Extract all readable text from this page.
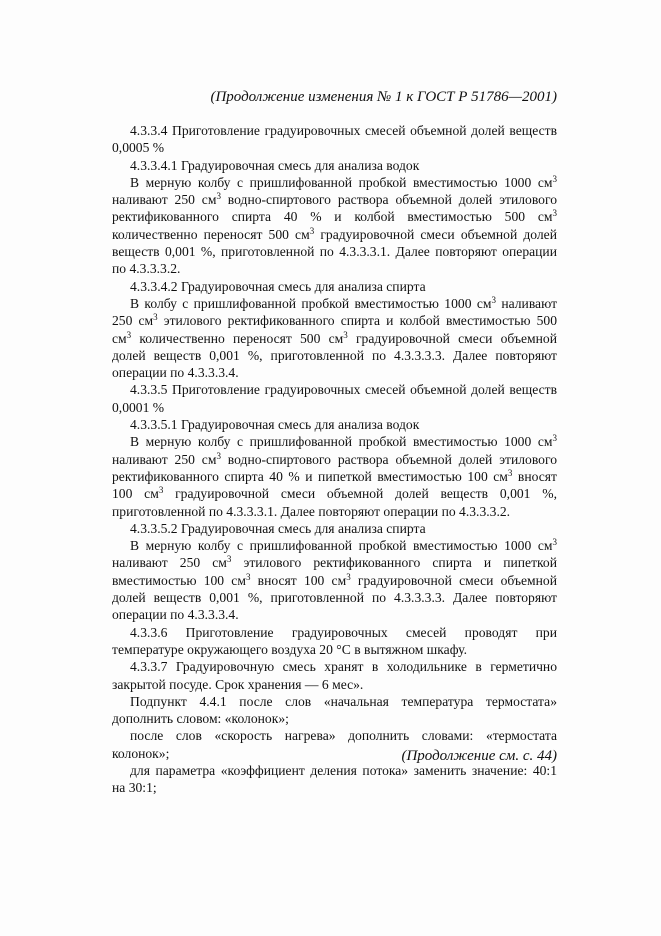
(Продолжение изменения № 1 к ГОСТ Р 51786—2001)

4.3.3.4 Приготовление градуировочных смесей объемной долей веществ 0,0005 %

4.3.3.4.1 Градуировочная смесь для анализа водок

В мерную колбу с пришлифованной пробкой вместимостью 1000 $см^3$ наливают 250 $см^3$ водно-спиртового раствора объемной долей этилового ректификованного спирта 40 % и колбой вместимостью 500 $см^3$ количественно переносят 500 $см^3$ градуировочной смеси объемной долей веществ 0,001 %, приготовленной по 4.3.3.3.1. Далее повторяют операции по 4.3.3.3.2.

4.3.3.4.2 Градуировочная смесь для анализа спирта

В колбу с пришлифованной пробкой вместимостью 1000 $см^3$ наливают 250 $см^3$ этилового ректификованного спирта и колбой вместимостью 500 $см^3$ количественно переносят 500 $см^3$ градуировочной смеси объемной долей веществ 0,001 %, приготовленной по 4.3.3.3.3. Далее повторяют операции по 4.3.3.3.4.

4.3.3.5 Приготовление градуировочных смесей объемной долей веществ 0,0001 %

4.3.3.5.1 Градуировочная смесь для анализа водок

В мерную колбу с пришлифованной пробкой вместимостью 1000 $см^3$ наливают 250 $см^3$ водно-спиртового раствора объемной долей этилового ректификованного спирта 40 % и пипеткой вместимостью 100 $см^3$ вносят 100 $см^3$ градуировочной смеси объемной долей веществ 0,001 %, приготовленной по 4.3.3.3.1. Далее повторяют операции по 4.3.3.3.2.

4.3.3.5.2 Градуировочная смесь для анализа спирта

В мерную колбу с пришлифованной пробкой вместимостью 1000 $см^3$ наливают 250 $см^3$ этилового ректификованного спирта и пипеткой вместимостью 100 $см^3$ вносят 100 $см^3$ градуировочной смеси объемной долей веществ 0,001 %, приготовленной по 4.3.3.3.3. Далее повторяют операции по 4.3.3.3.4.

4.3.3.6 Приготовление градуировочных смесей проводят при температуре окружающего воздуха 20 °С в вытяжном шкафу.

4.3.3.7 Градуировочную смесь хранят в холодильнике в герметично закрытой посуде. Срок хранения — 6 мес».

Подпункт 4.4.1 после слов «начальная температура термостата» дополнить словом: «колонок»;

после слов «скорость нагрева» дополнить словами: «термостата колонок»;

для параметра «коэффициент деления потока» заменить значение: 40:1 на 30:1;

(Продолжение см. с. 44)
